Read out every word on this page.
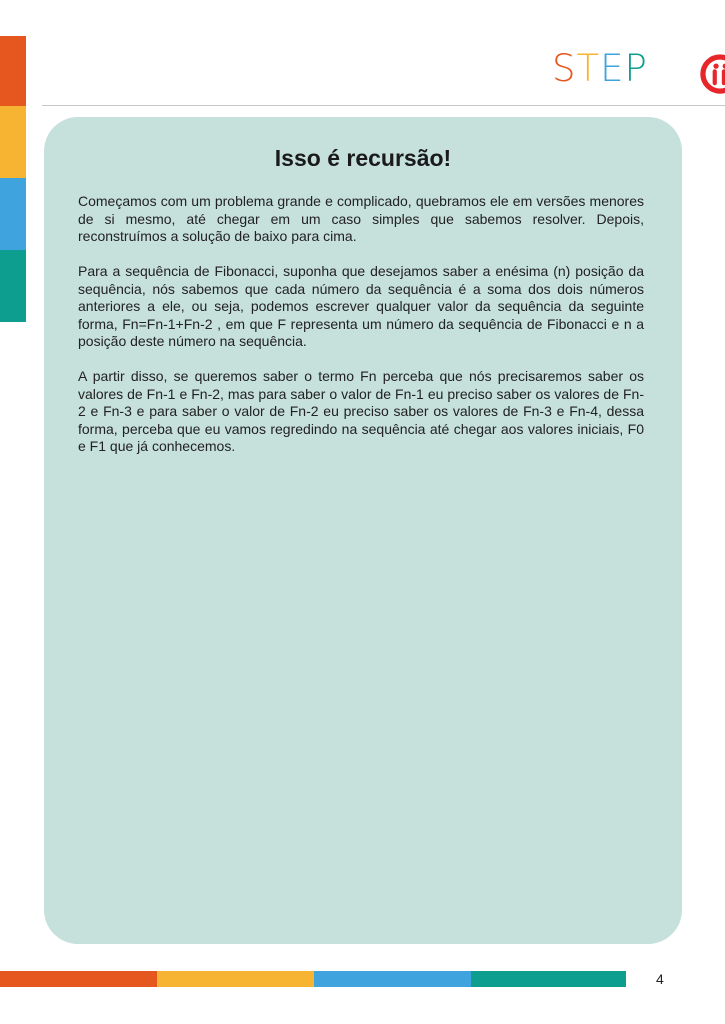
STEP
Isso é recursão!

Começamos com um problema grande e complicado, quebramos ele em versões menores de si mesmo, até chegar em um caso simples que sabemos resolver. Depois, reconstruímos a solução de baixo para cima.

Para a sequência de Fibonacci, suponha que desejamos saber a enésima (n) posição da sequência, nós sabemos que cada número da sequência é a soma dos dois números anteriores a ele, ou seja, podemos escrever qualquer valor da sequência da seguinte forma, Fn=Fn-1+Fn-2 , em que F representa um número da sequência de Fibonacci e n a posição deste número na sequência.

A partir disso, se queremos saber o termo Fn perceba que nós precisaremos saber os valores de Fn-1 e Fn-2, mas para saber o valor de Fn-1 eu preciso saber os valores de Fn-2 e Fn-3 e para saber o valor de Fn-2 eu preciso saber os valores de Fn-3 e Fn-4, dessa forma, perceba que eu vamos regredindo na sequência até chegar aos valores iniciais, F0 e F1 que já conhecemos.

4
